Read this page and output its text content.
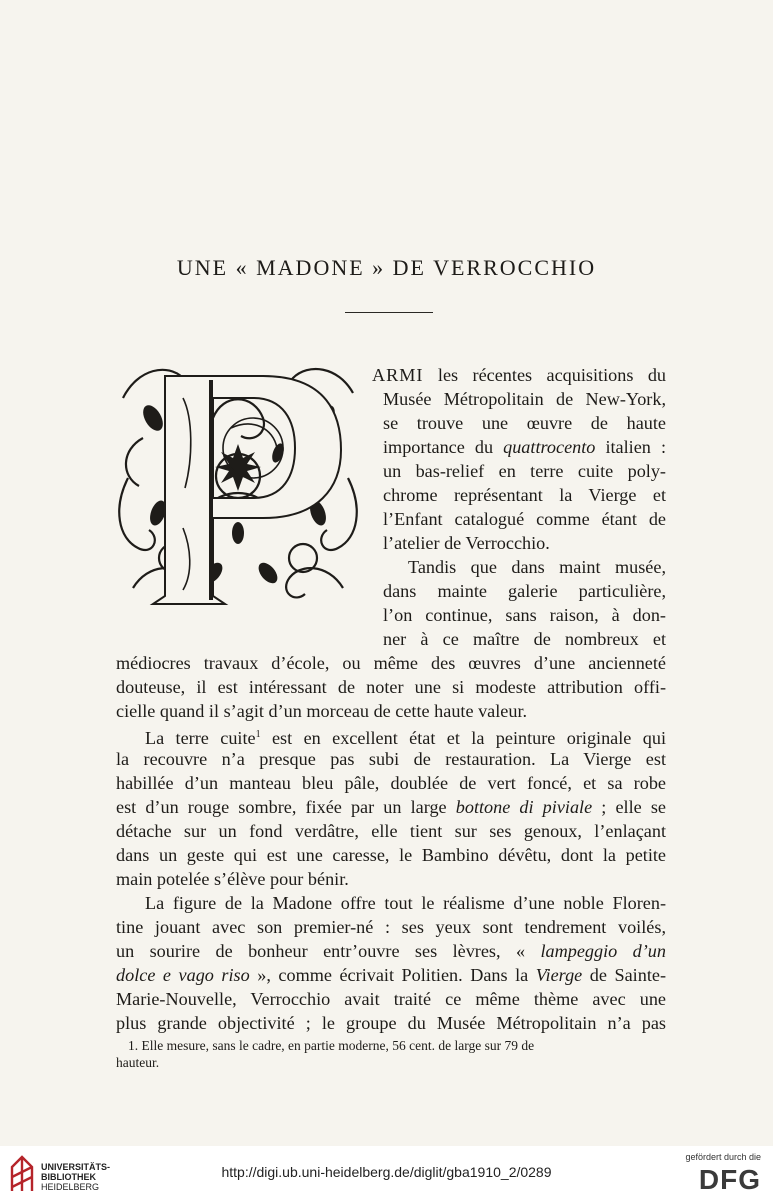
UNE « MADONE » DE VERROCCHIO
ARMI les récentes acquisitions du
Musée Métropolitain de New-York,
se trouve une œuvre de haute
importance du quattrocento italien :
un bas-relief en terre cuite poly-
chrome représentant la Vierge et
l’Enfant catalogué comme étant de
l’atelier de Verrocchio.
Tandis que dans maint musée,
dans mainte galerie particulière,
l’on continue, sans raison, à don-
ner à ce maître de nombreux et
médiocres travaux d’école, ou même des œuvres d’une ancienneté
douteuse, il est intéressant de noter une si modeste attribution offi-
cielle quand il s’agit d’un morceau de cette haute valeur.
La terre cuite$^1$ est en excellent état et la peinture originale qui
la recouvre n’a presque pas subi de restauration. La Vierge est
habillée d’un manteau bleu pâle, doublée de vert foncé, et sa robe
est d’un rouge sombre, fixée par un large bottone di piviale ; elle se
détache sur un fond verdâtre, elle tient sur ses genoux, l’enlaçant
dans un geste qui est une caresse, le Bambino dévêtu, dont la petite
main potelée s’élève pour bénir.
La figure de la Madone offre tout le réalisme d’une noble Floren-
tine jouant avec son premier-né : ses yeux sont tendrement voilés,
un sourire de bonheur entr’ouvre ses lèvres, « lampeggio d’un
dolce e vago riso », comme écrivait Politien. Dans la Vierge de Sainte-
Marie-Nouvelle, Verrocchio avait traité ce même thème avec une
plus grande objectivité ; le groupe du Musée Métropolitain n’a pas
1. Elle mesure, sans le cadre, en partie moderne, 56 cent. de large sur 79 de
hauteur.
UNIVERSITÄTS-
BIBLIOTHEK
HEIDELBERG
http://digi.ub.uni-heidelberg.de/diglit/gba1910_2/0289
gefördert durch die
DFG
